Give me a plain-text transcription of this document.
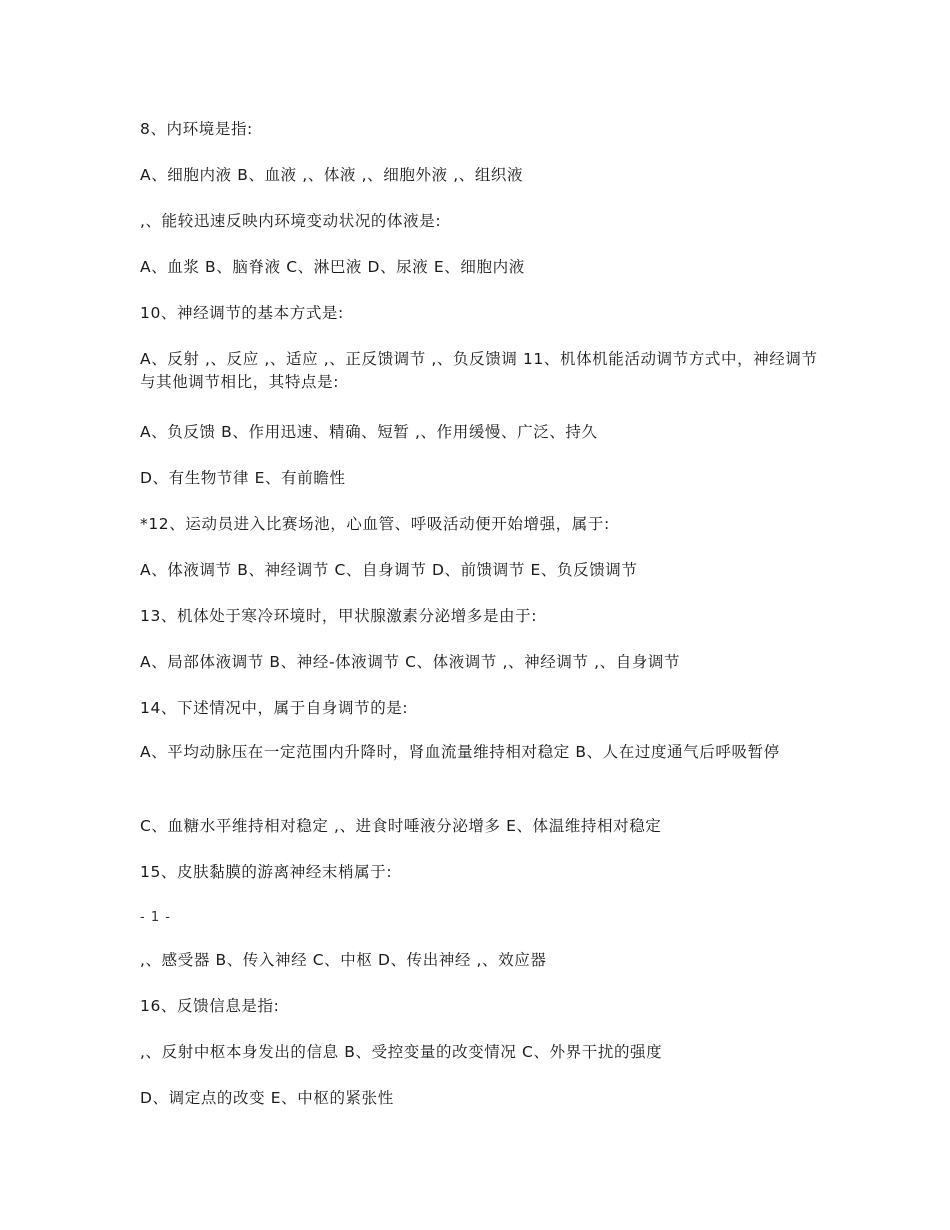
8、内环境是指:
A、细胞内液 B、血液 ,、体液 ,、细胞外液 ,、组织液
,、能较迅速反映内环境变动状况的体液是:
A、血浆 B、脑脊液 C、淋巴液 D、尿液 E、细胞内液
10、神经调节的基本方式是:
A、反射 ,、反应 ,、适应 ,、正反馈调节 ,、负反馈调 11、机体机能活动调节方式中，神经调节与其他调节相比，其特点是:
A、负反馈 B、作用迅速、精确、短暂 ,、作用缓慢、广泛、持久
D、有生物节律 E、有前瞻性
*12、运动员进入比赛场池，心血管、呼吸活动便开始增强，属于:
A、体液调节 B、神经调节 C、自身调节 D、前馈调节 E、负反馈调节
13、机体处于寒冷环境时，甲状腺激素分泌增多是由于:
A、局部体液调节 B、神经-体液调节 C、体液调节 ,、神经调节 ,、自身调节
14、下述情况中，属于自身调节的是:
A、平均动脉压在一定范围内升降时，肾血流量维持相对稳定 B、人在过度通气后呼吸暂停
C、血糖水平维持相对稳定 ,、进食时唾液分泌增多 E、体温维持相对稳定
15、皮肤黏膜的游离神经末梢属于:
- 1 -
,、感受器 B、传入神经 C、中枢 D、传出神经 ,、效应器
16、反馈信息是指:
,、反射中枢本身发出的信息 B、受控变量的改变情况 C、外界干扰的强度
D、调定点的改变 E、中枢的紧张性
